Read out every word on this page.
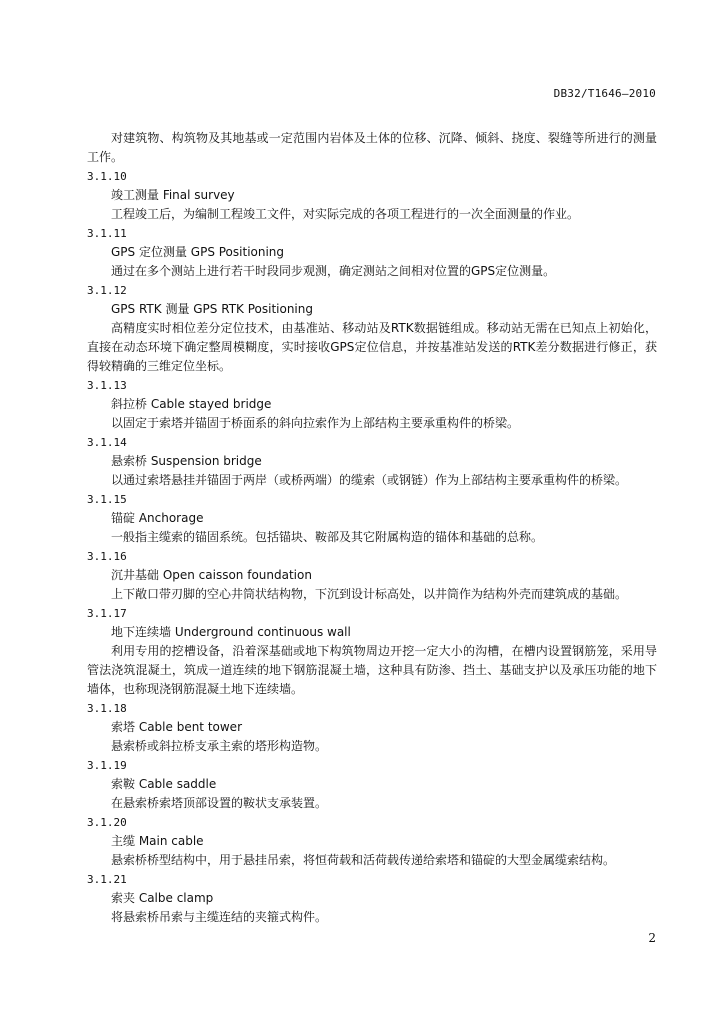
DB32/T1646—2010

对建筑物、构筑物及其地基或一定范围内岩体及土体的位移、沉降、倾斜、挠度、裂缝等所进行的测量工作。

3.1.10

竣工测量 Final survey

工程竣工后，为编制工程竣工文件，对实际完成的各项工程进行的一次全面测量的作业。

3.1.11

GPS 定位测量 GPS Positioning

通过在多个测站上进行若干时段同步观测，确定测站之间相对位置的GPS定位测量。

3.1.12

GPS RTK 测量 GPS RTK Positioning

高精度实时相位差分定位技术，由基准站、移动站及RTK数据链组成。移动站无需在已知点上初始化，直接在动态环境下确定整周模糊度，实时接收GPS定位信息，并按基准站发送的RTK差分数据进行修正，获得较精确的三维定位坐标。

3.1.13

斜拉桥 Cable stayed bridge

以固定于索塔并锚固于桥面系的斜向拉索作为上部结构主要承重构件的桥梁。

3.1.14

悬索桥 Suspension bridge

以通过索塔悬挂并锚固于两岸（或桥两端）的缆索（或钢链）作为上部结构主要承重构件的桥梁。

3.1.15

锚碇 Anchorage

一般指主缆索的锚固系统。包括锚块、鞍部及其它附属构造的锚体和基础的总称。

3.1.16

沉井基础 Open caisson foundation

上下敞口带刃脚的空心井筒状结构物，下沉到设计标高处，以井筒作为结构外壳而建筑成的基础。

3.1.17

地下连续墙 Underground continuous wall

利用专用的挖槽设备，沿着深基础或地下构筑物周边开挖一定大小的沟槽，在槽内设置钢筋笼，采用导管法浇筑混凝土，筑成一道连续的地下钢筋混凝土墙，这种具有防渗、挡土、基础支护以及承压功能的地下墙体，也称现浇钢筋混凝土地下连续墙。

3.1.18

索塔 Cable bent tower

悬索桥或斜拉桥支承主索的塔形构造物。

3.1.19

索鞍 Cable saddle

在悬索桥索塔顶部设置的鞍状支承装置。

3.1.20

主缆 Main cable

悬索桥桥型结构中，用于悬挂吊索，将恒荷载和活荷载传递给索塔和锚碇的大型金属缆索结构。

3.1.21

索夹 Calbe clamp

将悬索桥吊索与主缆连结的夹箍式构件。

2
